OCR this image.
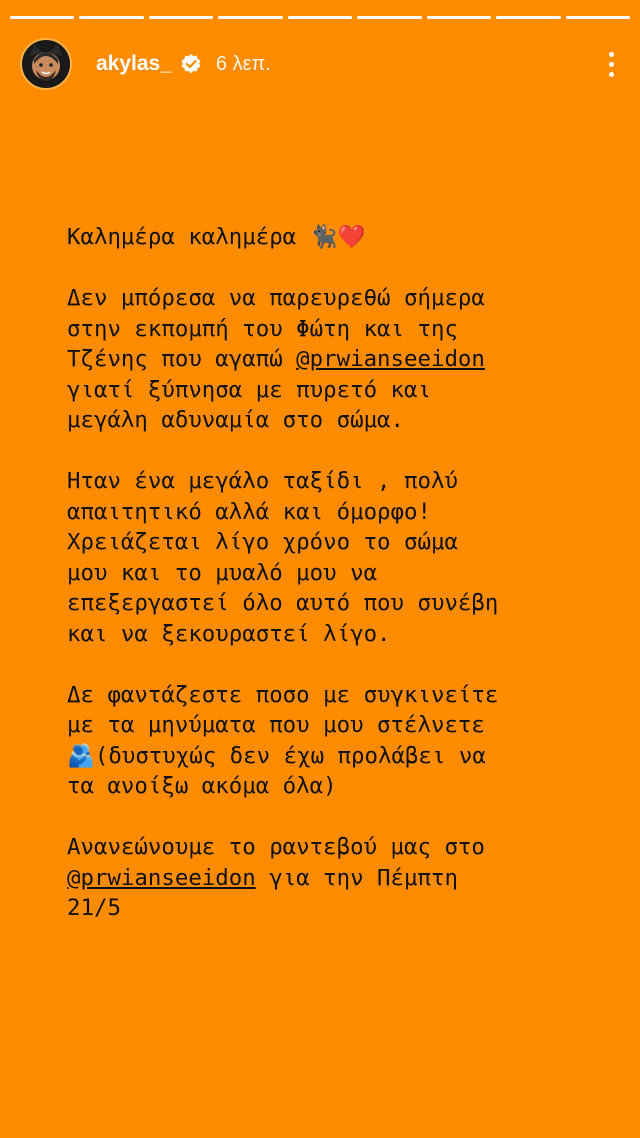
akylas_ 6 λεπ.
Καλημέρα καλημέρα 🐈‍⬛❤️
Δεν μπόρεσα να παρευρεθώ σήμερα
στην εκπομπή του Φώτη και της
Τζένης που αγαπώ @prwianseeidon
γιατί ξύπνησα με πυρετό και
μεγάλη αδυναμία στο σώμα.
Ηταν ένα μεγάλο ταξίδι , πολύ
απαιτητικό αλλά και όμορφο!
Χρειάζεται λίγο χρόνο το σώμα
μου και το μυαλό μου να
επεξεργαστεί όλο αυτό που συνέβη
και να ξεκουραστεί λίγο.
Δε φαντάζεστε ποσο με συγκινείτε
με τα μηνύματα που μου στέλνετε
🫂(δυστυχώς δεν έχω προλάβει να
τα ανοίξω ακόμα όλα)
Ανανεώνουμε το ραντεβού μας στο
@prwianseeidon για την Πέμπτη
21/5
